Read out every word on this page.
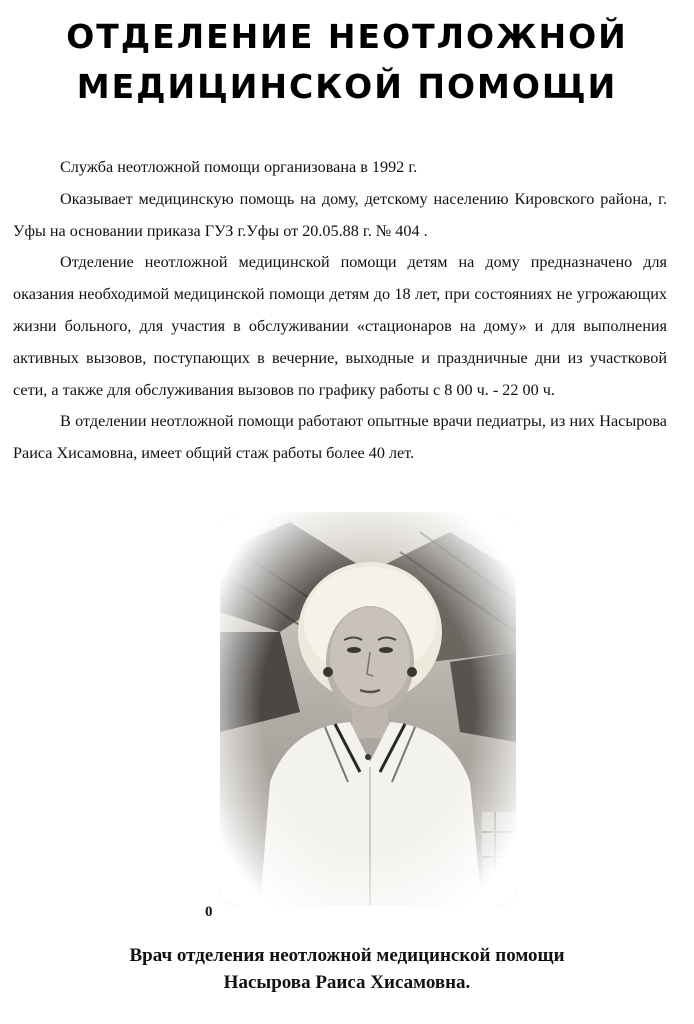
ОТДЕЛЕНИЕ НЕОТЛОЖНОЙ
МЕДИЦИНСКОЙ ПОМОЩИ

Служба неотложной помощи организована в 1992 г.

Оказывает медицинскую помощь на дому, детскому населению Кировского района, г. Уфы на основании приказа ГУЗ г.Уфы от 20.05.88 г. № 404 .

Отделение неотложной медицинской помощи детям на дому предназначено для оказания необходимой медицинской помощи детям до 18 лет, при состояниях не угрожающих жизни больного, для участия в обслуживании «стационаров на дому» и для выполнения активных вызовов, поступающих в вечерние, выходные и праздничные дни из участковой сети, а также для обслуживания вызовов по графику работы с 8 00 ч. - 22 00 ч.

В отделении неотложной помощи работают опытные врачи педиатры, из них Насырова Раиса Хисамовна, имеет общий стаж работы более 40 лет.

0
Врач отделения неотложной медицинской помощи
Насырова Раиса Хисамовна.
